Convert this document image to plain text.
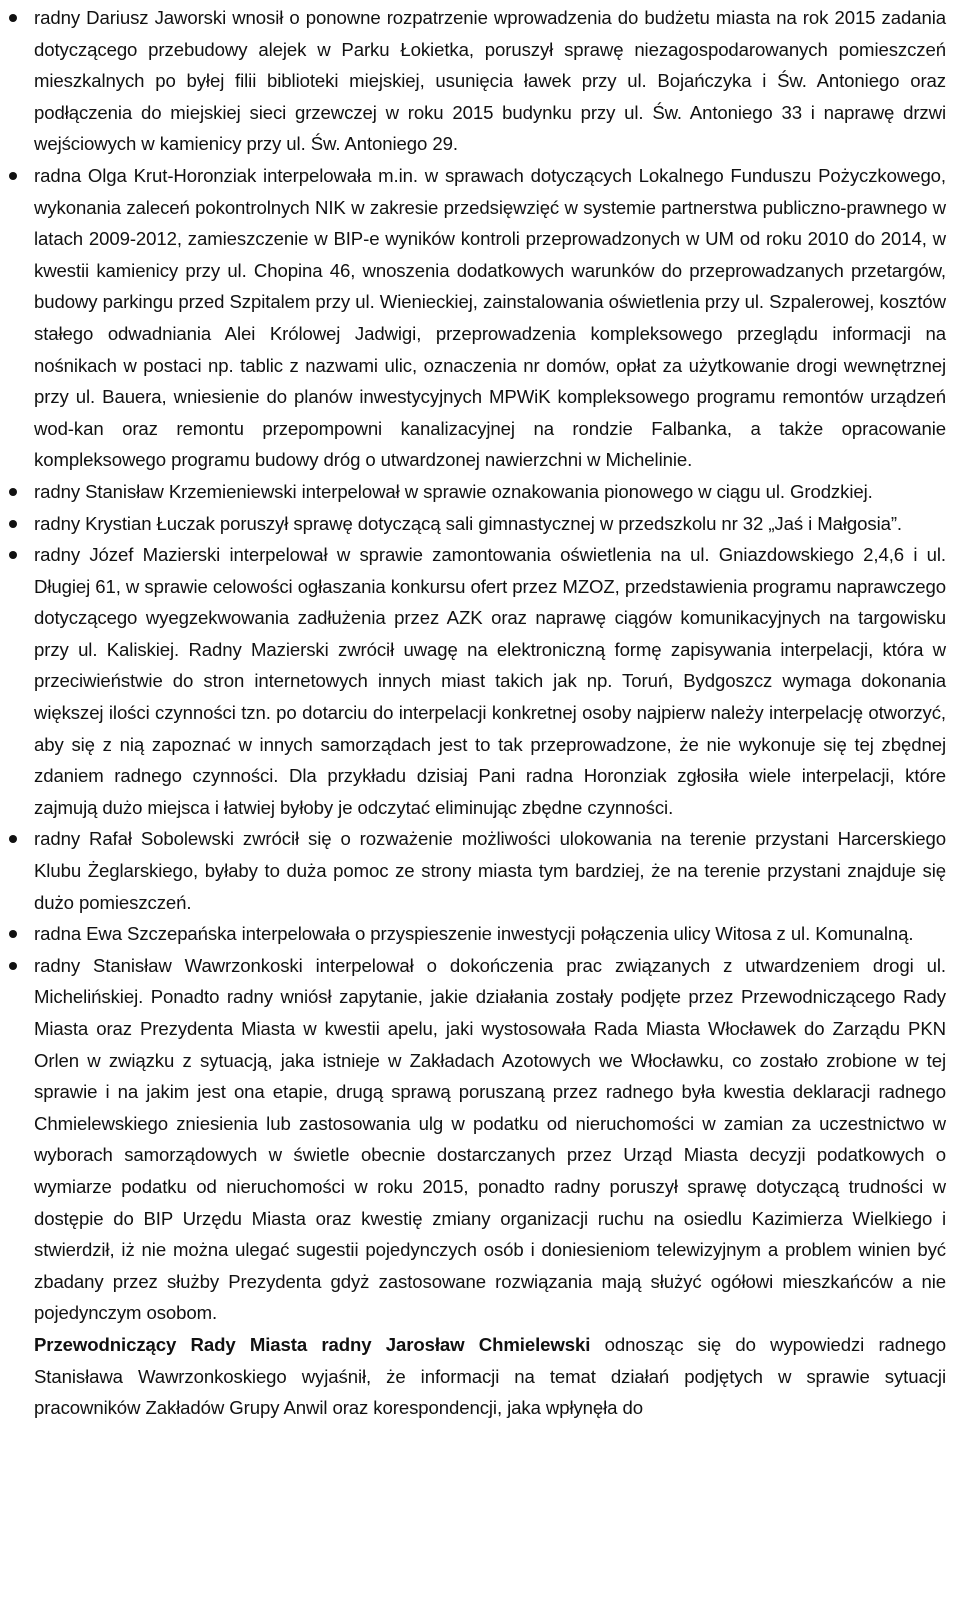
radny Dariusz Jaworski wnosił o ponowne rozpatrzenie wprowadzenia do budżetu miasta na rok 2015 zadania dotyczącego przebudowy alejek w Parku Łokietka, poruszył sprawę niezagospodarowanych pomieszczeń mieszkalnych po byłej filii biblioteki miejskiej, usunięcia ławek przy ul. Bojańczyka i Św. Antoniego oraz podłączenia do miejskiej sieci grzewczej w roku 2015 budynku przy ul. Św. Antoniego 33 i naprawę drzwi wejściowych w kamienicy przy ul. Św. Antoniego 29.
radna Olga Krut-Horonziak interpelowała m.in. w sprawach dotyczących Lokalnego Funduszu Pożyczkowego, wykonania zaleceń pokontrolnych NIK w zakresie przedsięwzięć w systemie partnerstwa publiczno-prawnego w latach 2009-2012, zamieszczenie w BIP-e wyników kontroli przeprowadzonych w UM od roku 2010 do 2014, w kwestii kamienicy przy ul. Chopina 46, wnoszenia dodatkowych warunków do przeprowadzanych przetargów, budowy parkingu przed Szpitalem przy ul. Wienieckiej, zainstalowania oświetlenia przy ul. Szpalerowej, kosztów stałego odwadniania Alei Królowej Jadwigi, przeprowadzenia kompleksowego przeglądu informacji na nośnikach w postaci np. tablic z nazwami ulic, oznaczenia nr domów, opłat za użytkowanie drogi wewnętrznej przy ul. Bauera, wniesienie do planów inwestycyjnych MPWiK kompleksowego programu remontów urządzeń wod-kan oraz remontu przepompowni kanalizacyjnej na rondzie Falbanka, a także opracowanie kompleksowego programu budowy dróg o utwardzonej nawierzchni w Michelinie.
radny Stanisław Krzemieniewski interpelował w sprawie oznakowania pionowego w ciągu ul. Grodzkiej.
radny Krystian Łuczak poruszył sprawę dotyczącą sali gimnastycznej w przedszkolu nr 32 „Jaś i Małgosia”.
radny Józef Mazierski interpelował w sprawie zamontowania oświetlenia na ul. Gniazdowskiego 2,4,6 i ul. Długiej 61, w sprawie celowości ogłaszania konkursu ofert przez MZOZ, przedstawienia programu naprawczego dotyczącego wyegzekwowania zadłużenia przez AZK oraz naprawę ciągów komunikacyjnych na targowisku przy ul. Kaliskiej. Radny Mazierski zwrócił uwagę na elektroniczną formę zapisywania interpelacji, która w przeciwieństwie do stron internetowych innych miast takich jak np. Toruń, Bydgoszcz wymaga dokonania większej ilości czynności tzn. po dotarciu do interpelacji konkretnej osoby najpierw należy interpelację otworzyć, aby się z nią zapoznać w innych samorządach jest to tak przeprowadzone, że nie wykonuje się tej zbędnej zdaniem radnego czynności. Dla przykładu dzisiaj Pani radna Horonziak zgłosiła wiele interpelacji, które zajmują dużo miejsca i łatwiej byłoby je odczytać eliminując zbędne czynności.
radny Rafał Sobolewski zwrócił się o rozważenie możliwości ulokowania na terenie przystani Harcerskiego Klubu Żeglarskiego, byłaby to duża pomoc ze strony miasta tym bardziej, że na terenie przystani znajduje się dużo pomieszczeń.
radna Ewa Szczepańska interpelowała o przyspieszenie inwestycji połączenia ulicy Witosa z ul. Komunalną.
radny Stanisław Wawrzonkoski interpelował o dokończenia prac związanych z utwardzeniem drogi ul. Michelińskiej. Ponadto radny wniósł zapytanie, jakie działania zostały podjęte przez Przewodniczącego Rady Miasta oraz Prezydenta Miasta w kwestii apelu, jaki wystosowała Rada Miasta Włocławek do Zarządu PKN Orlen w związku z sytuacją, jaka istnieje w Zakładach Azotowych we Włocławku, co zostało zrobione w tej sprawie i na jakim jest ona etapie, drugą sprawą poruszaną przez radnego była kwestia deklaracji radnego Chmielewskiego zniesienia lub zastosowania ulg w podatku od nieruchomości w zamian za uczestnictwo w wyborach samorządowych w świetle obecnie dostarczanych przez Urząd Miasta decyzji podatkowych o wymiarze podatku od nieruchomości w roku 2015, ponadto radny poruszył sprawę dotyczącą trudności w dostępie do BIP Urzędu Miasta oraz kwestię zmiany organizacji ruchu na osiedlu Kazimierza Wielkiego i stwierdził, iż nie można ulegać sugestii pojedynczych osób i doniesieniom telewizyjnym a problem winien być zbadany przez służby Prezydenta gdyż zastosowane rozwiązania mają służyć ogółowi mieszkańców a nie pojedynczym osobom.

Przewodniczący Rady Miasta radny Jarosław Chmielewski odnosząc się do wypowiedzi radnego Stanisława Wawrzonkoskiego wyjaśnił, że informacji na temat działań podjętych w sprawie sytuacji pracowników Zakładów Grupy Anwil oraz korespondencji, jaka wpłynęła do
